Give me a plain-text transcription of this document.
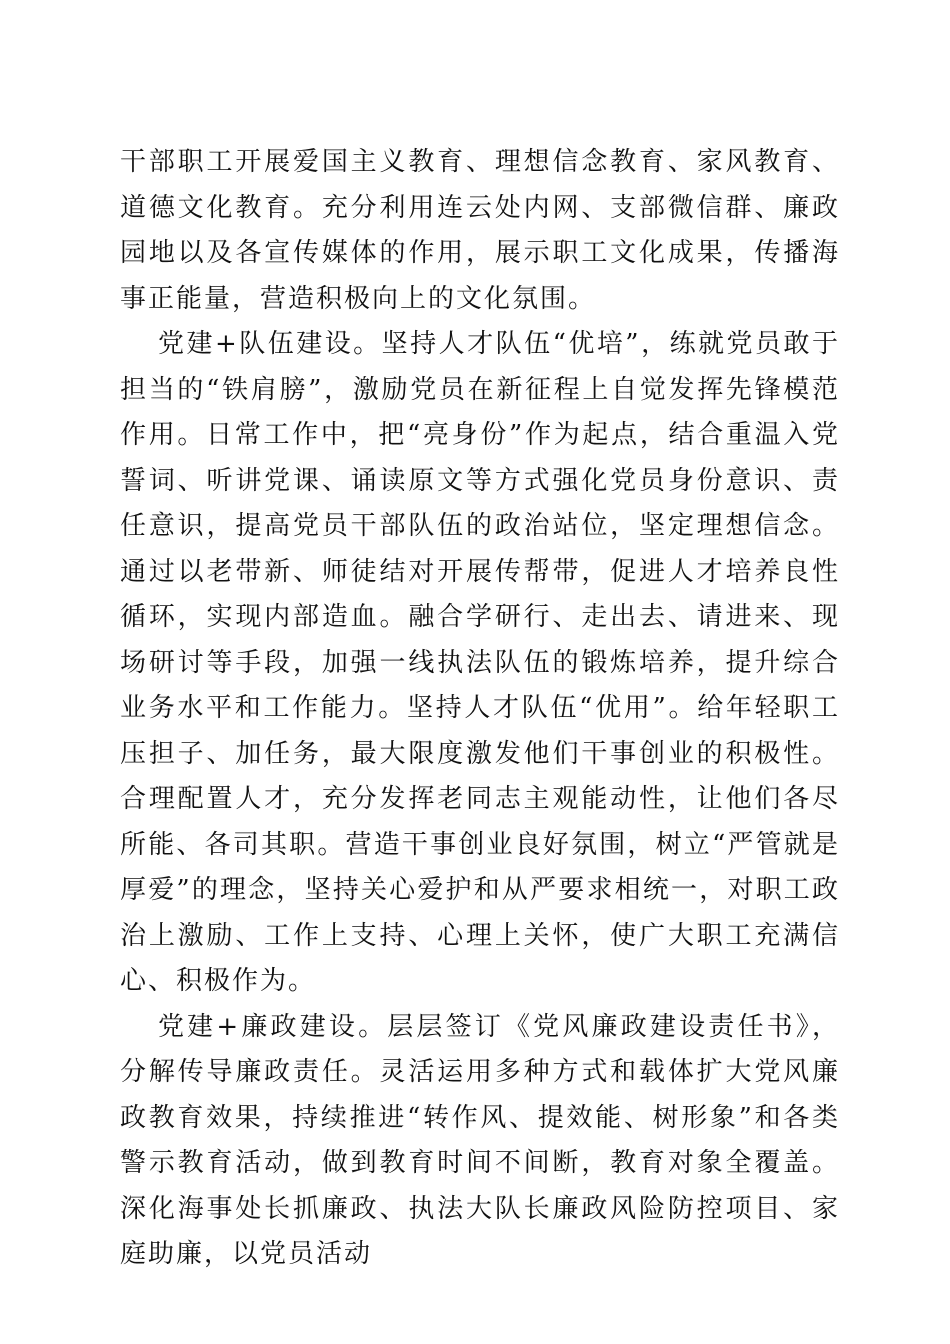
干部职工开展爱国主义教育、理想信念教育、家风教育、道德文化教育。充分利用连云处内网、支部微信群、廉政园地以及各宣传媒体的作用，展示职工文化成果，传播海事正能量，营造积极向上的文化氛围。

党建+队伍建设。坚持人才队伍“优培”，练就党员敢于担当的“铁肩膀”，激励党员在新征程上自觉发挥先锋模范作用。日常工作中，把“亮身份”作为起点，结合重温入党誓词、听讲党课、诵读原文等方式强化党员身份意识、责任意识，提高党员干部队伍的政治站位，坚定理想信念。通过以老带新、师徒结对开展传帮带，促进人才培养良性循环，实现内部造血。融合学研行、走出去、请进来、现场研讨等手段，加强一线执法队伍的锻炼培养，提升综合业务水平和工作能力。坚持人才队伍“优用”。给年轻职工压担子、加任务，最大限度激发他们干事创业的积极性。合理配置人才，充分发挥老同志主观能动性，让他们各尽所能、各司其职。营造干事创业良好氛围，树立“严管就是厚爱”的理念，坚持关心爱护和从严要求相统一，对职工政治上激励、工作上支持、心理上关怀，使广大职工充满信心、积极作为。

党建+廉政建设。层层签订《党风廉政建设责任书》，分解传导廉政责任。灵活运用多种方式和载体扩大党风廉政教育效果，持续推进“转作风、提效能、树形象”和各类警示教育活动，做到教育时间不间断，教育对象全覆盖。深化海事处长抓廉政、执法大队长廉政风险防控项目、家庭助廉，以党员活动
